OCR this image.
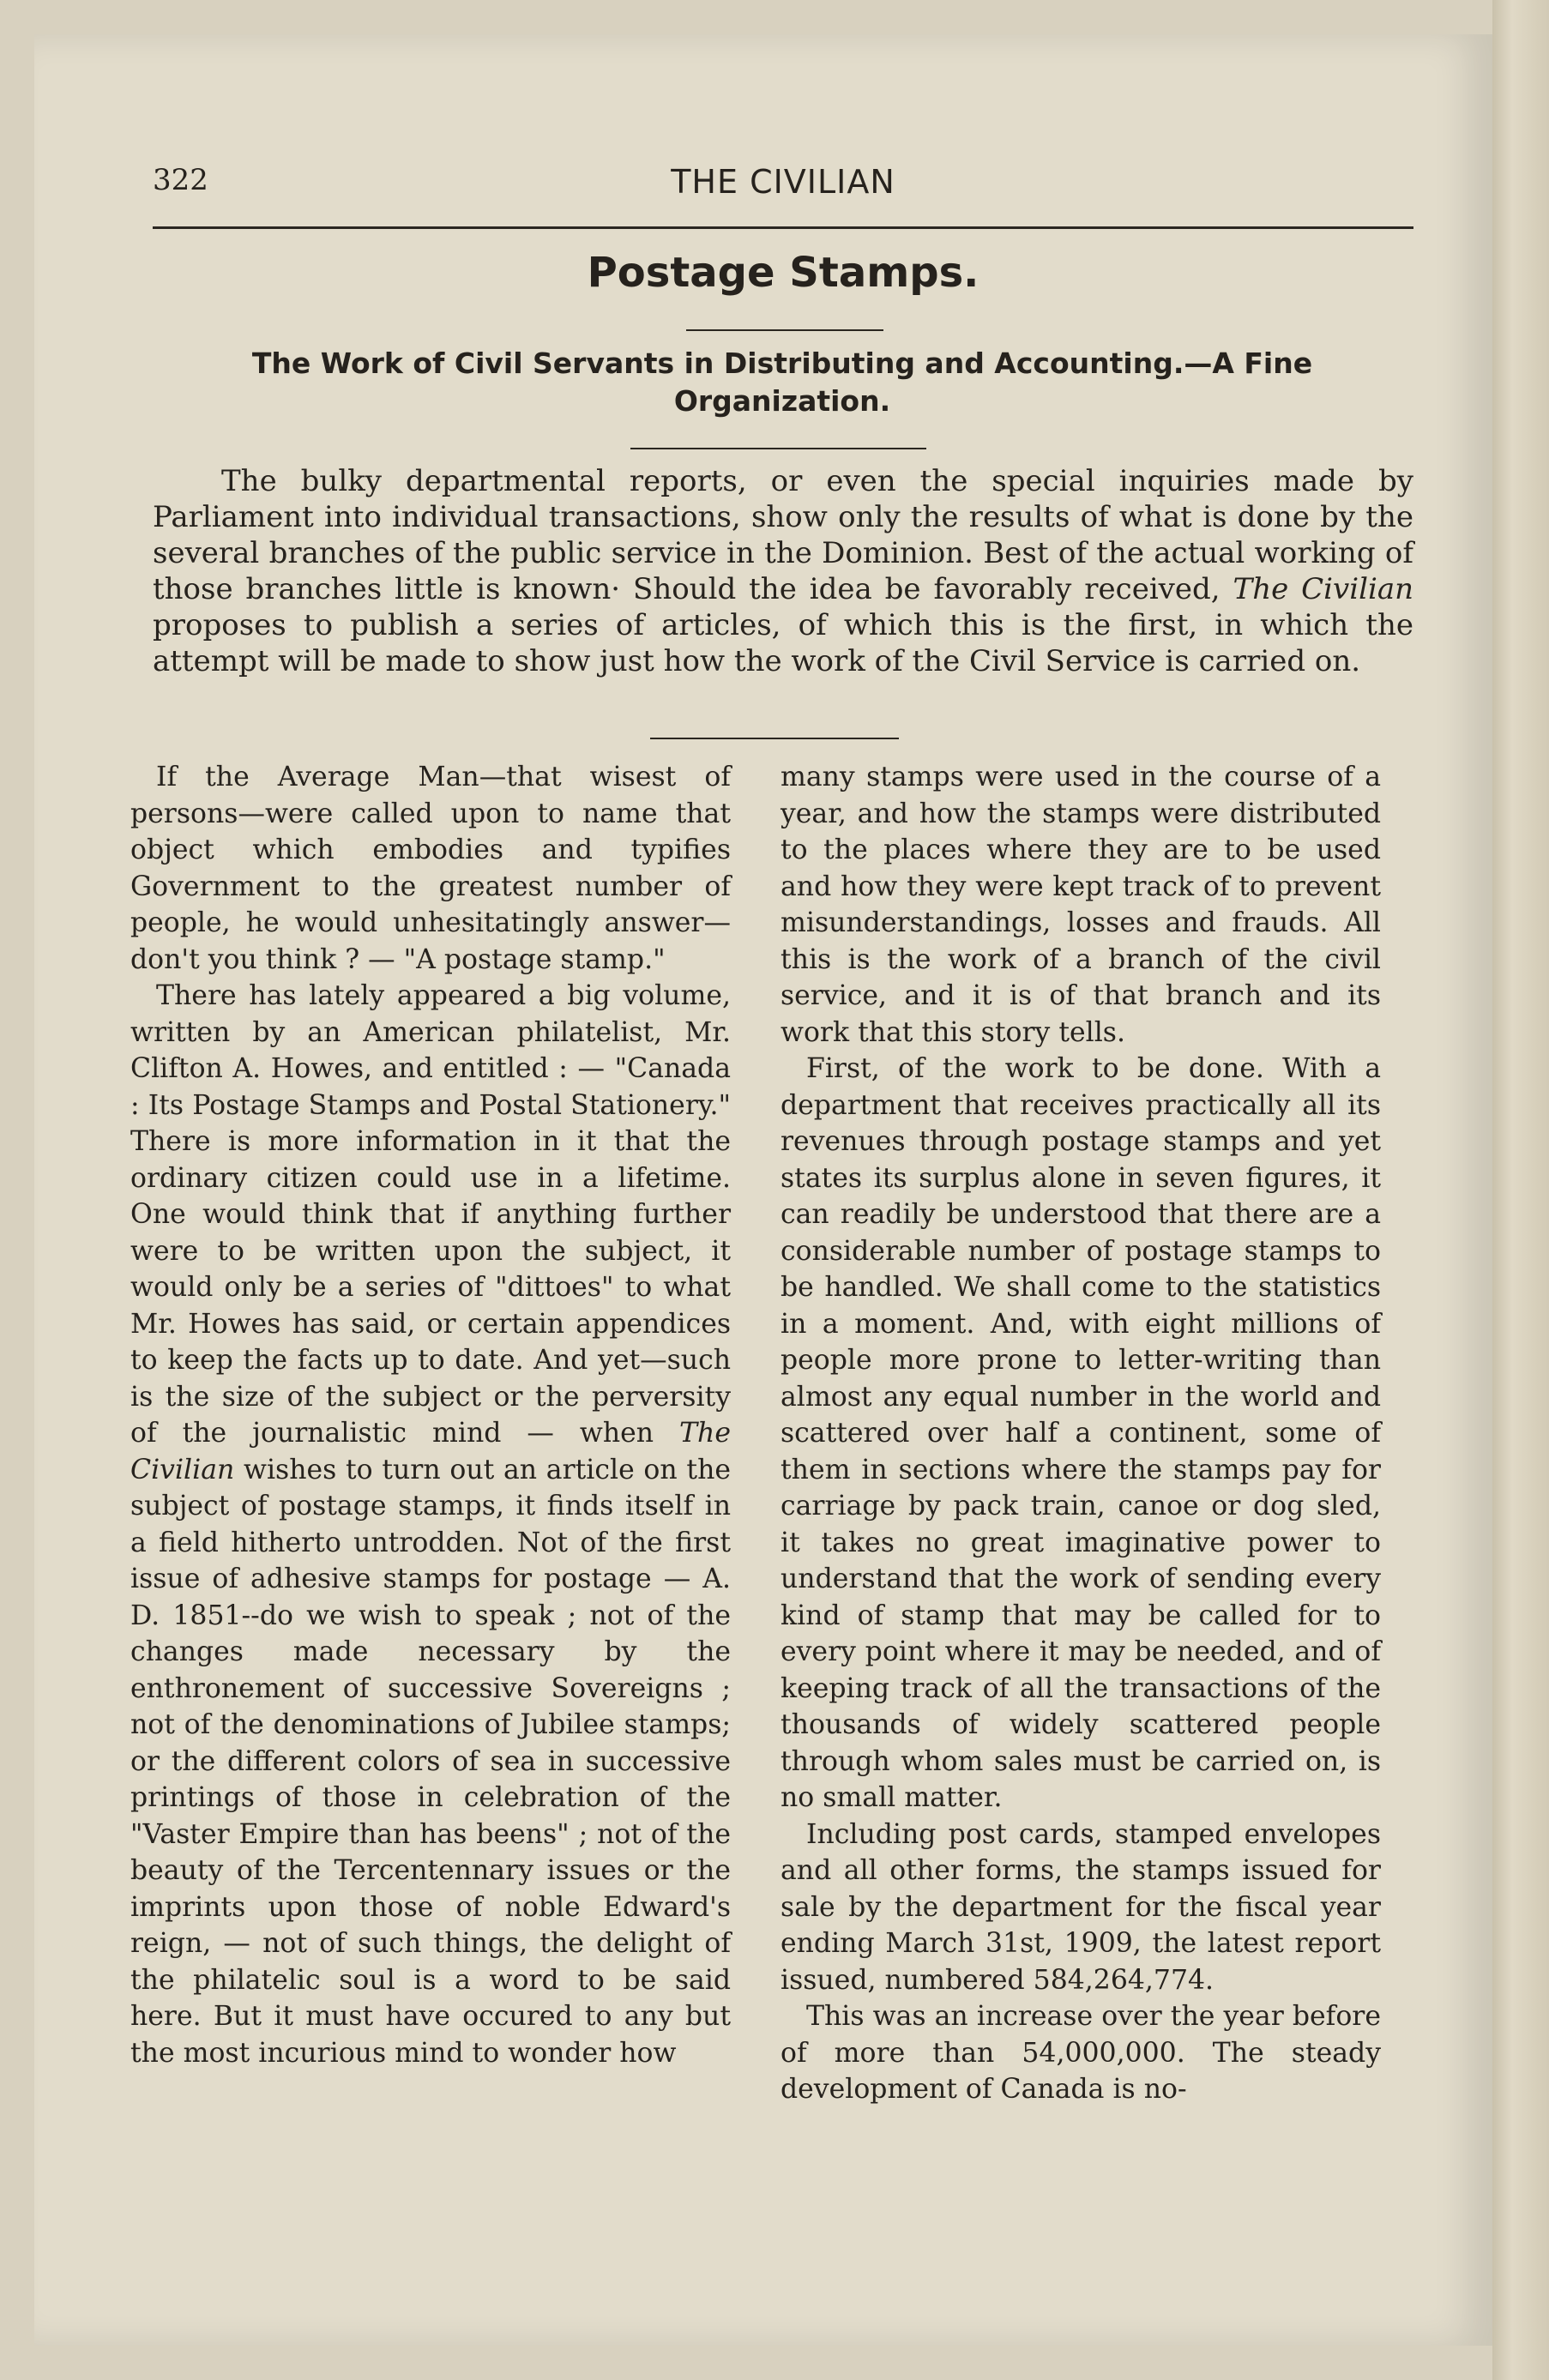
322	THE CIVILIAN
Postage Stamps.
The Work of Civil Servants in Distributing and Accounting.—A Fine Organization.

The bulky departmental reports, or even the special inquiries made by Parliament into individual transactions, show only the results of what is done by the several branches of the public service in the Dominion. Best of the actual working of those branches little is known· Should the idea be favorably received, The Civilian proposes to publish a series of articles, of which this is the first, in which the attempt will be made to show just how the work of the Civil Service is carried on.

If the Average Man—that wisest of persons—were called upon to name that object which embodies and typifies Government to the greatest number of people, he would unhesitatingly answer—don't you think ? — "A postage stamp."

There has lately appeared a big volume, written by an American philatelist, Mr. Clifton A. Howes, and entitled : — "Canada : Its Postage Stamps and Postal Stationery." There is more information in it that the ordinary citizen could use in a lifetime. One would think that if anything further were to be written upon the subject, it would only be a series of "dittoes" to what Mr. Howes has said, or certain appendices to keep the facts up to date. And yet—such is the size of the subject or the perversity of the journalistic mind — when The Civilian wishes to turn out an article on the subject of postage stamps, it finds itself in a field hitherto untrodden. Not of the first issue of adhesive stamps for postage — A. D. 1851--do we wish to speak ; not of the changes made necessary by the enthronement of successive Sovereigns ; not of the denominations of Jubilee stamps; or the different colors of sea in successive printings of those in celebration of the "Vaster Empire than has beens" ; not of the beauty of the Tercentennary issues or the imprints upon those of noble Edward's reign, — not of such things, the delight of the philatelic soul is a word to be said here. But it must have occured to any but the most incurious mind to wonder how

many stamps were used in the course of a year, and how the stamps were distributed to the places where they are to be used and how they were kept track of to prevent misunderstandings, losses and frauds. All this is the work of a branch of the civil service, and it is of that branch and its work that this story tells.

First, of the work to be done. With a department that receives practically all its revenues through postage stamps and yet states its surplus alone in seven figures, it can readily be understood that there are a considerable number of postage stamps to be handled. We shall come to the statistics in a moment. And, with eight millions of people more prone to letter-writing than almost any equal number in the world and scattered over half a continent, some of them in sections where the stamps pay for carriage by pack train, canoe or dog sled, it takes no great imaginative power to understand that the work of sending every kind of stamp that may be called for to every point where it may be needed, and of keeping track of all the transactions of the thousands of widely scattered people through whom sales must be carried on, is no small matter.

Including post cards, stamped envelopes and all other forms, the stamps issued for sale by the department for the fiscal year ending March 31st, 1909, the latest report issued, numbered 584,264,774.

This was an increase over the year before of more than 54,000,000. The steady development of Canada is no-
